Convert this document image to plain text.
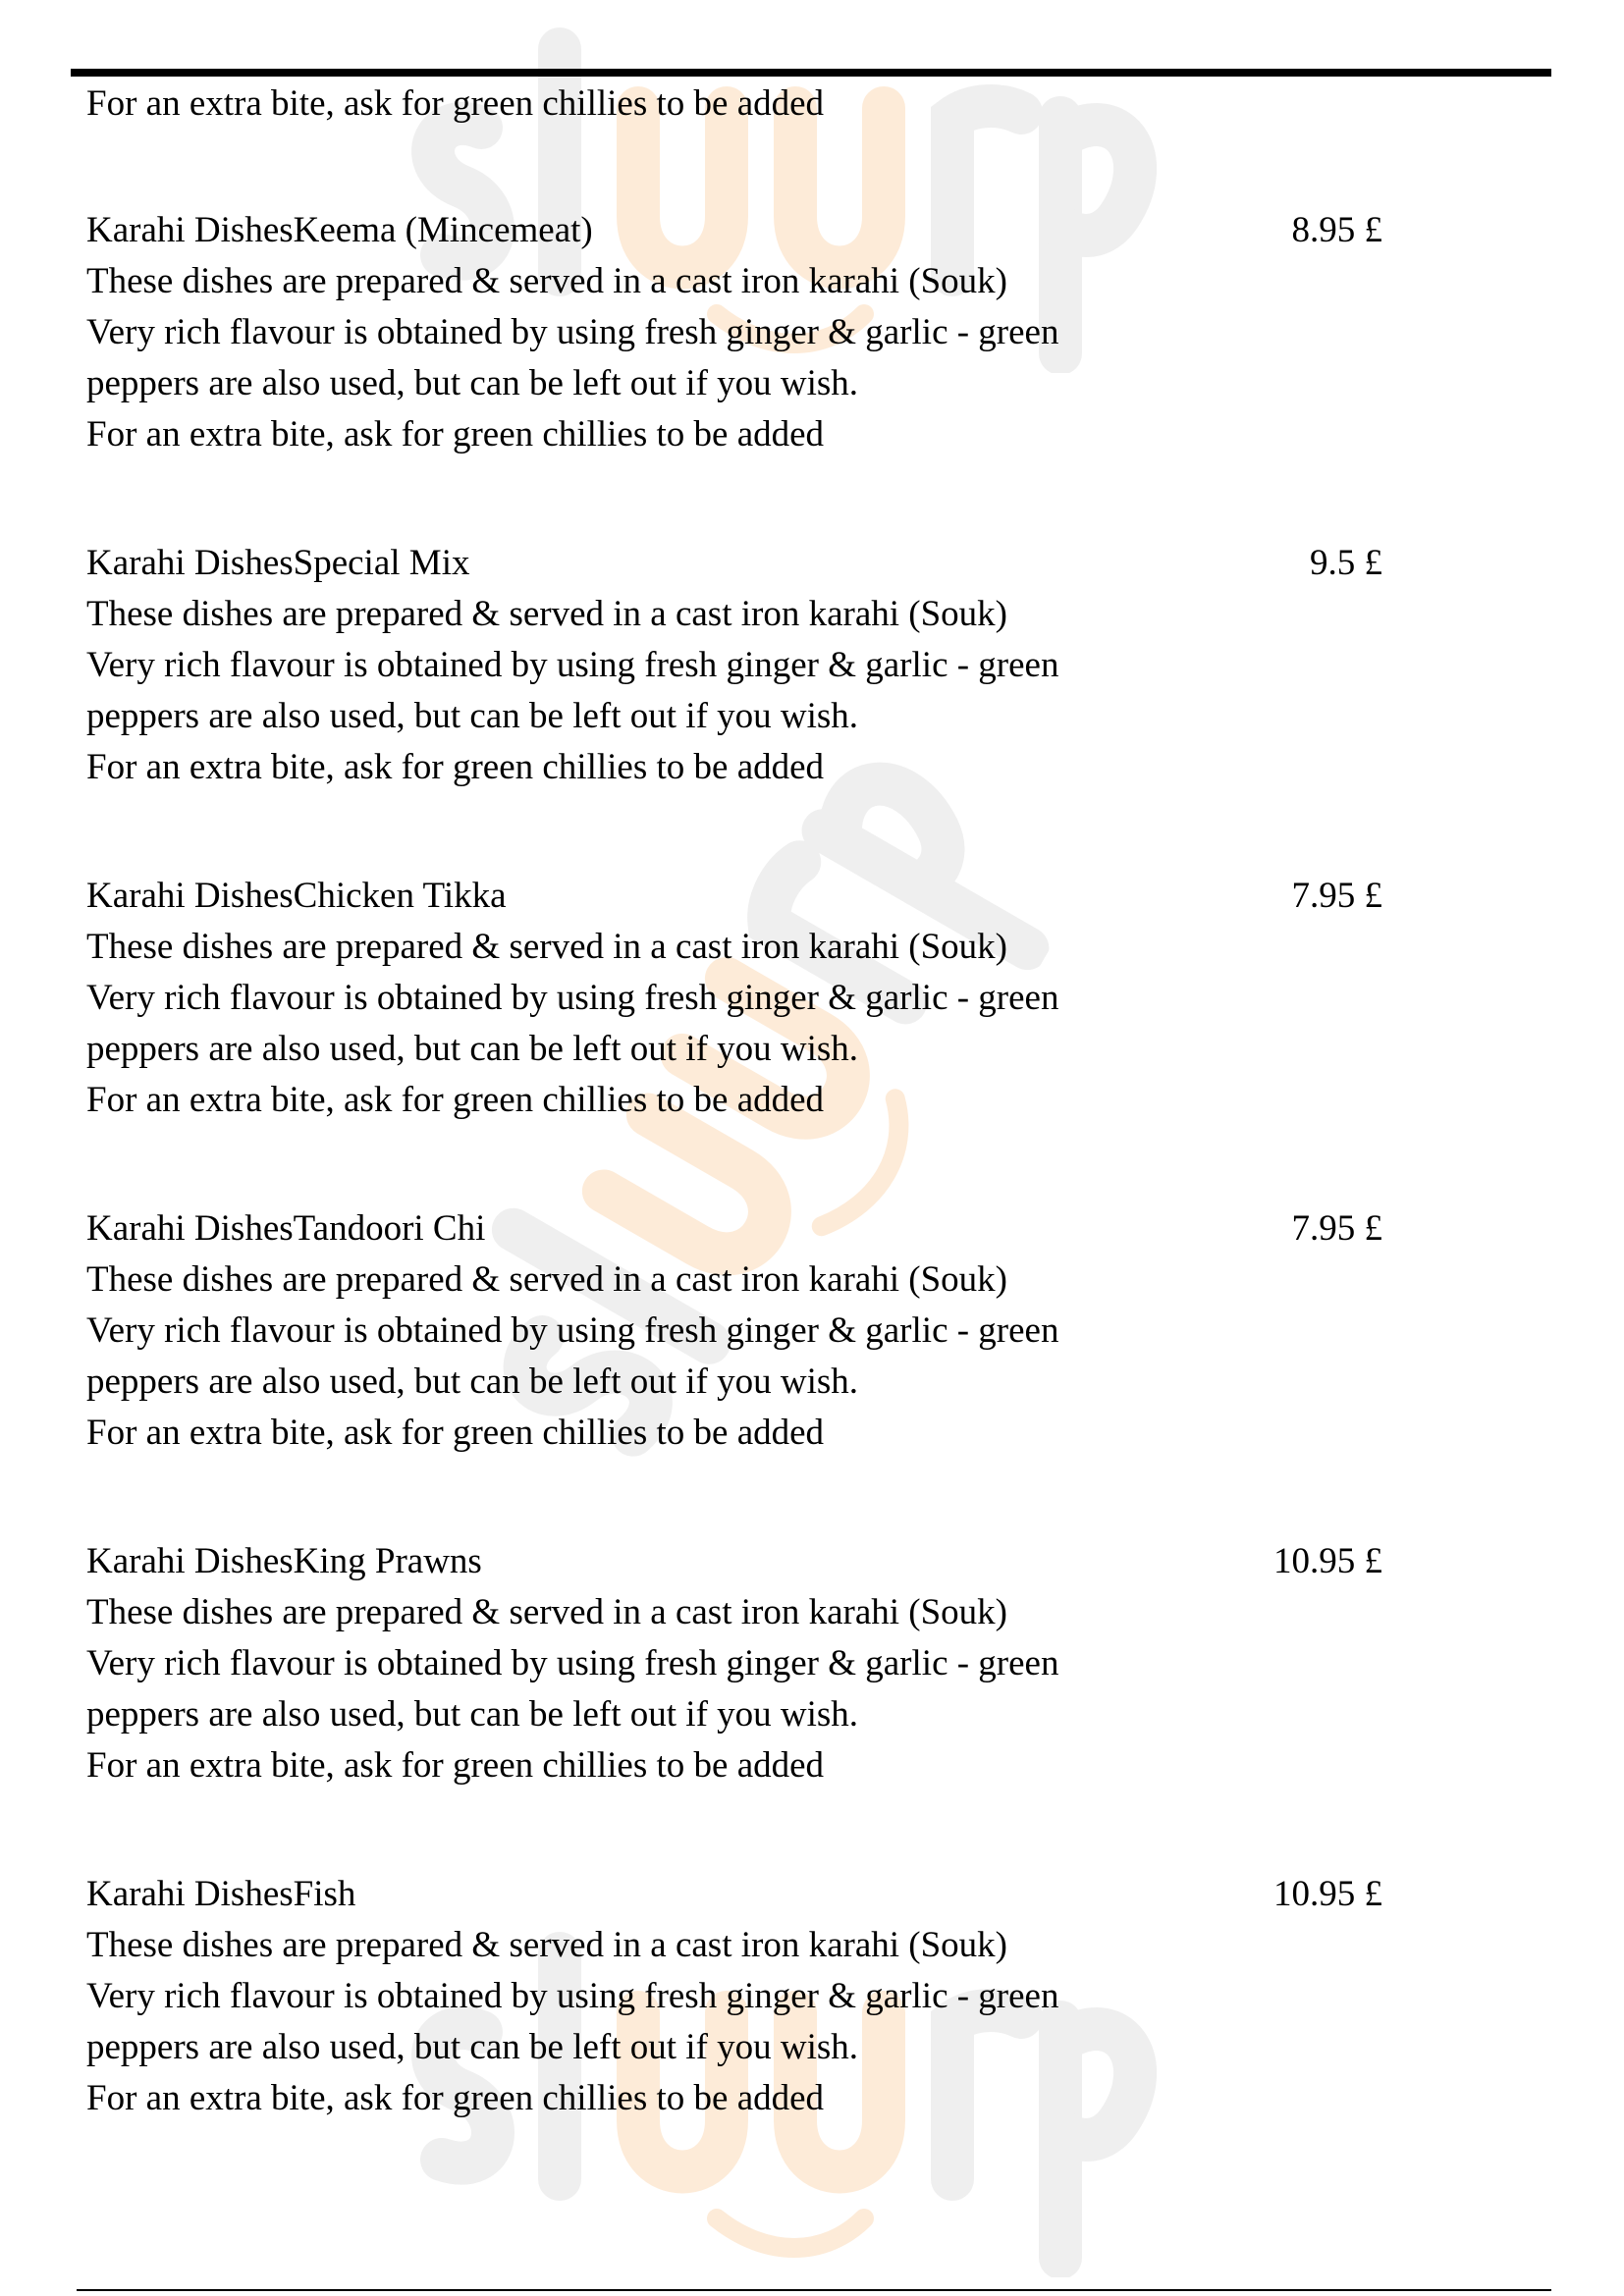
For an extra bite, ask for green chillies to be added
Karahi DishesKeema (Mincemeat)	8.95 £
These dishes are prepared & served in a cast iron karahi (Souk)
Very rich flavour is obtained by using fresh ginger & garlic - green
peppers are also used, but can be left out if you wish.
For an extra bite, ask for green chillies to be added
Karahi DishesSpecial Mix	9.5 £
These dishes are prepared & served in a cast iron karahi (Souk)
Very rich flavour is obtained by using fresh ginger & garlic - green
peppers are also used, but can be left out if you wish.
For an extra bite, ask for green chillies to be added
Karahi DishesChicken Tikka	7.95 £
These dishes are prepared & served in a cast iron karahi (Souk)
Very rich flavour is obtained by using fresh ginger & garlic - green
peppers are also used, but can be left out if you wish.
For an extra bite, ask for green chillies to be added
Karahi DishesTandoori Chi	7.95 £
These dishes are prepared & served in a cast iron karahi (Souk)
Very rich flavour is obtained by using fresh ginger & garlic - green
peppers are also used, but can be left out if you wish.
For an extra bite, ask for green chillies to be added
Karahi DishesKing Prawns	10.95 £
These dishes are prepared & served in a cast iron karahi (Souk)
Very rich flavour is obtained by using fresh ginger & garlic - green
peppers are also used, but can be left out if you wish.
For an extra bite, ask for green chillies to be added
Karahi DishesFish	10.95 £
These dishes are prepared & served in a cast iron karahi (Souk)
Very rich flavour is obtained by using fresh ginger & garlic - green
peppers are also used, but can be left out if you wish.
For an extra bite, ask for green chillies to be added
